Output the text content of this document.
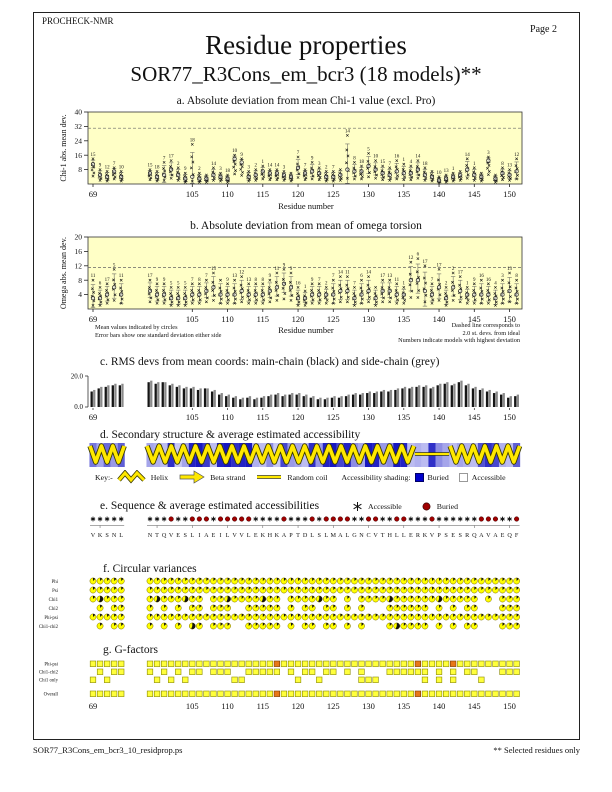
PROCHECK-NMR
Page 2
Residue properties
SOR77_R3Cons_em_bcr3 (18 models)**
a. Absolute deviation from mean Chi-1 value (excl. Pro)
8
16
24
32
40
Chi-1 abs. mean dev.
69	105	110	115	120	125	130	135	140	145	150
15
9 12
7
10	15 18
7 17
2
9
18
2
14
3 18
10
9
3 2
1
14 14 3
7
7
9
3
2 7
14
8
18
5
10
15 7
16
1 4
14
18
10 13 1
14
1
3
8 13
12
Residue number
b. Absolute deviation from mean of omega torsion
4
8
12
16
20
Omega abs. mean dev.
69	105	110	115	120	125	130	135	140	145	150
11
6
17
5
11	17
9 9
5 5 5
7 8
7
15
9
13
12
13 8 8
9
11
9
9
16
1
9 7
2
7
14 11
7
6
14
17 13
11
1
12
6
17
7
17
2
2
17
1
9
16
16
4
3
13
8
Residue number
Mean values indicated by circles
Error bars show one standard deviation either side
Dashed line corresponds to
2.0 st. devs. from ideal
Numbers indicate models with highest deviation
c. RMS devs from mean coords: main-chain (black) and side-chain (grey)
20.0
0.0
69	105	110	115	120	125	130	135	140	145	150
d. Secondary structure & average estimated accessibility
Key:-	Helix	Beta strand	Random coil Accessibility shading: Buried	Accessible
e. Sequence & average estimated accessibilities	Accessible	Buried
V K S N L	N T Q V E S L I A E I L V V L E K H K A P T D L S L M A L G N C V T H L L E R K V P S E S R Q A V A E Q F
f. Circular variances
Phi
Psi
Chi1
Chi2
Phi-psi
Chi1-chi2
g. G-factors
Phi-psi
Chi1-chi2
Chi1 only
Overall
69	105	110	115	120	125	130	135	140	145	150
SOR77_R3Cons_em_bcr3_10_residprop.ps	** Selected residues only
